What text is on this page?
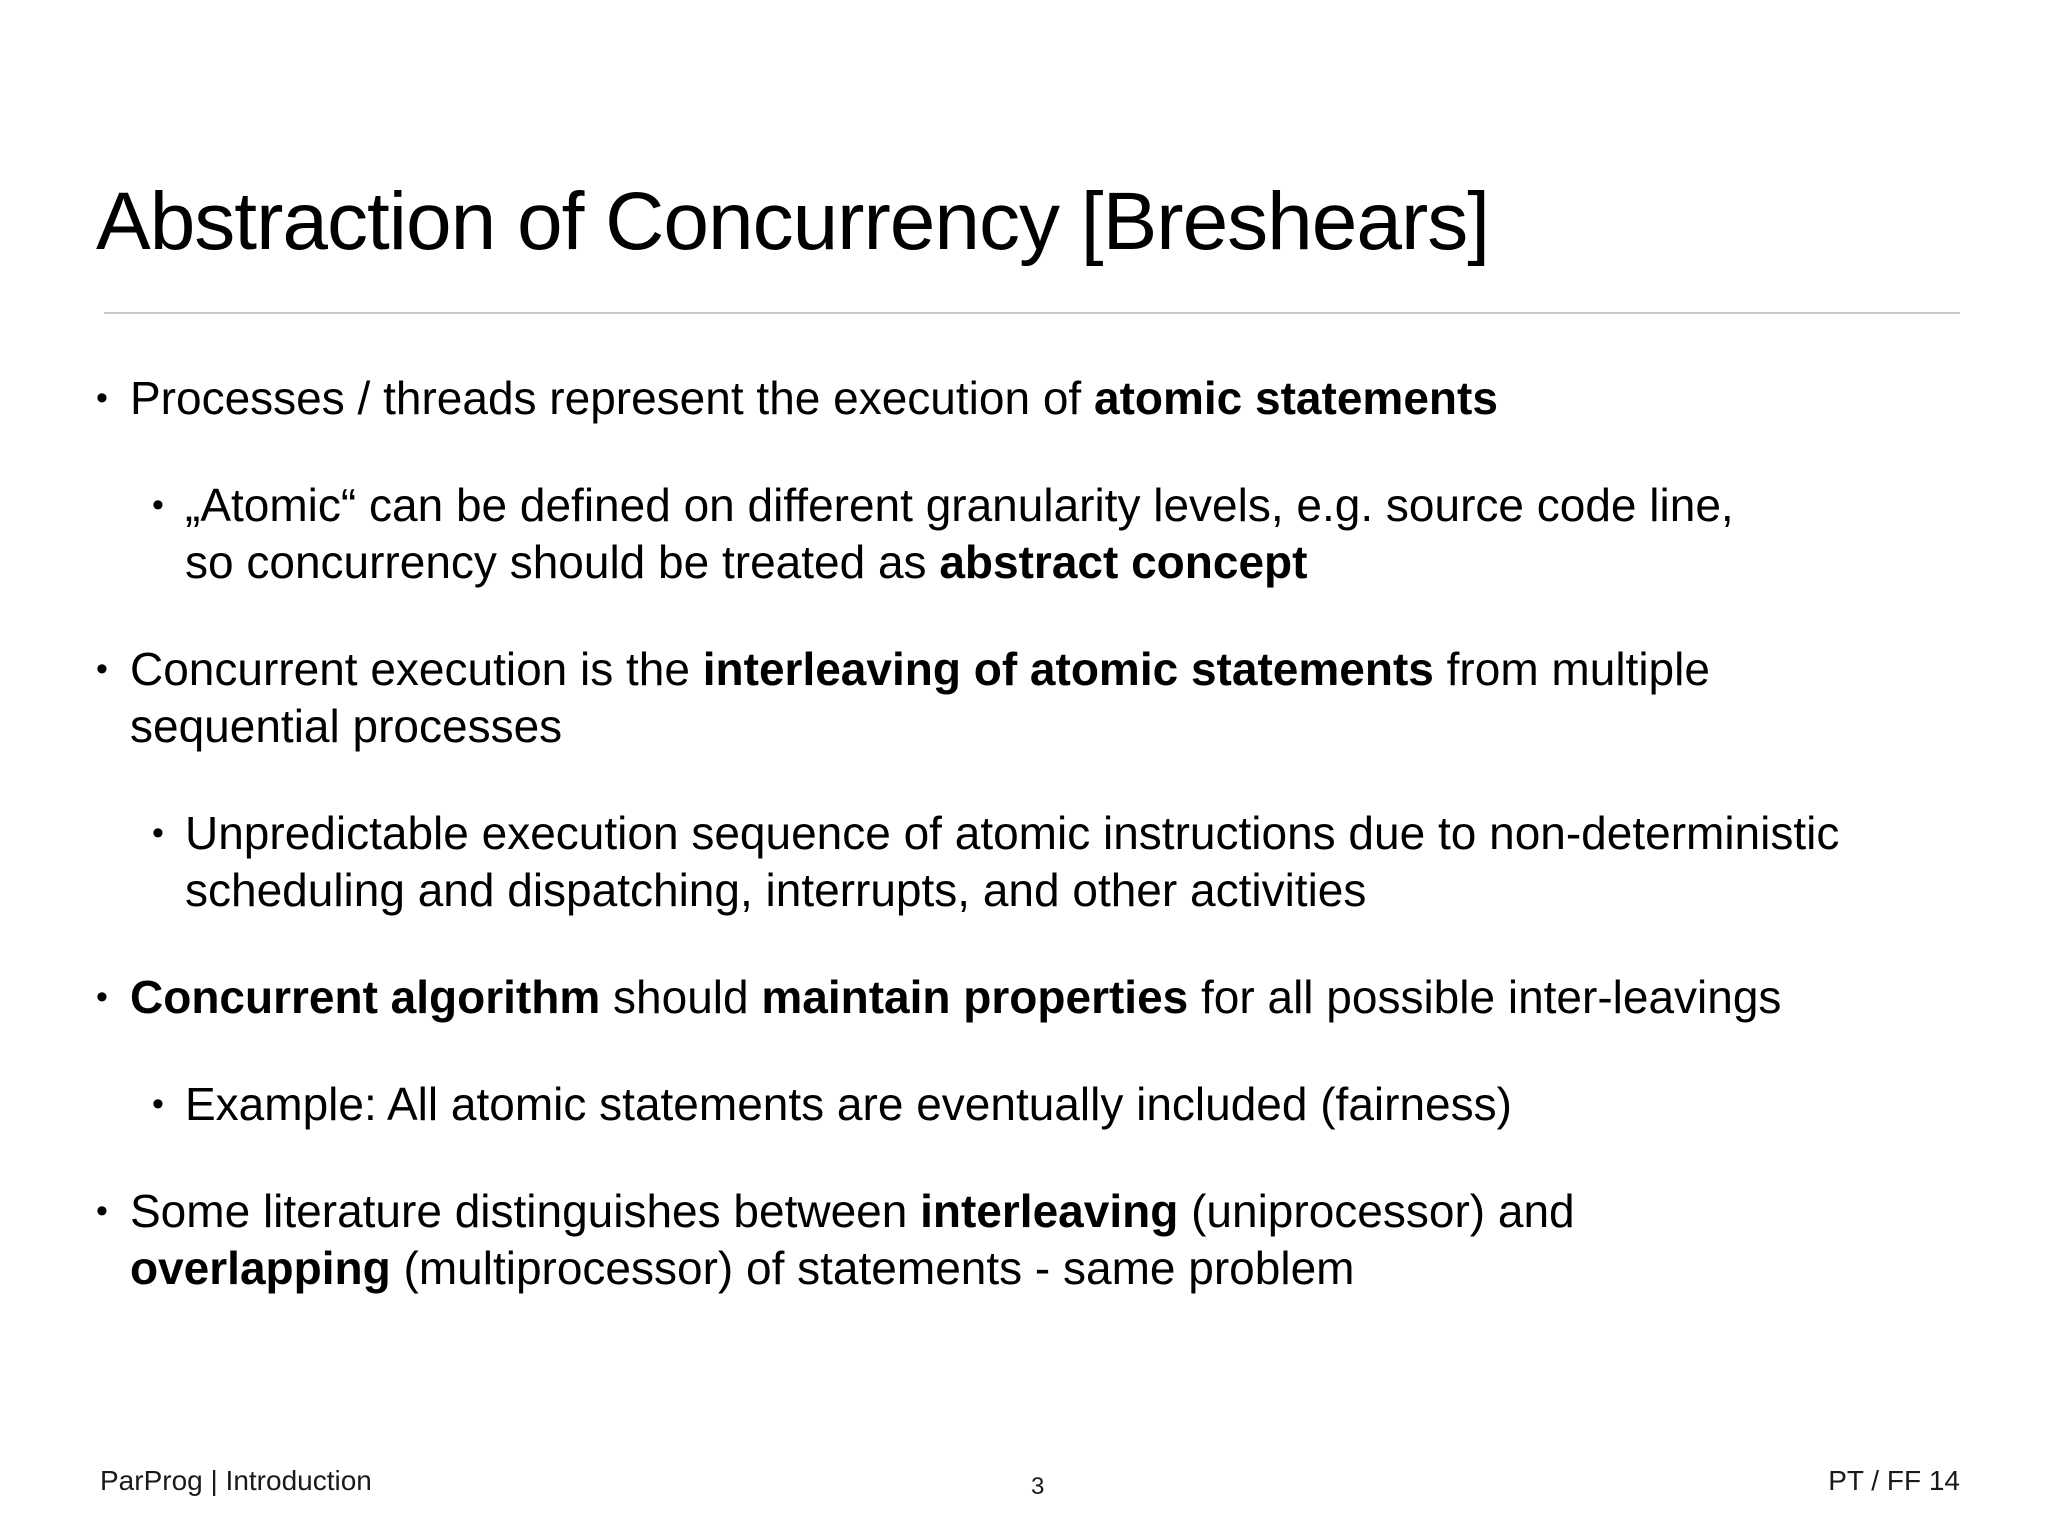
Abstraction of Concurrency [Breshears]
• Processes / threads represent the execution of atomic statements
• „Atomic“ can be defined on different granularity levels, e.g. source code line,
so concurrency should be treated as abstract concept
• Concurrent execution is the interleaving of atomic statements from multiple
sequential processes
• Unpredictable execution sequence of atomic instructions due to non-deterministic
scheduling and dispatching, interrupts, and other activities
• Concurrent algorithm should maintain properties for all possible inter-leavings
• Example: All atomic statements are eventually included (fairness)
• Some literature distinguishes between interleaving (uniprocessor) and
overlapping (multiprocessor) of statements - same problem
ParProg | Introduction	3	PT / FF 14
